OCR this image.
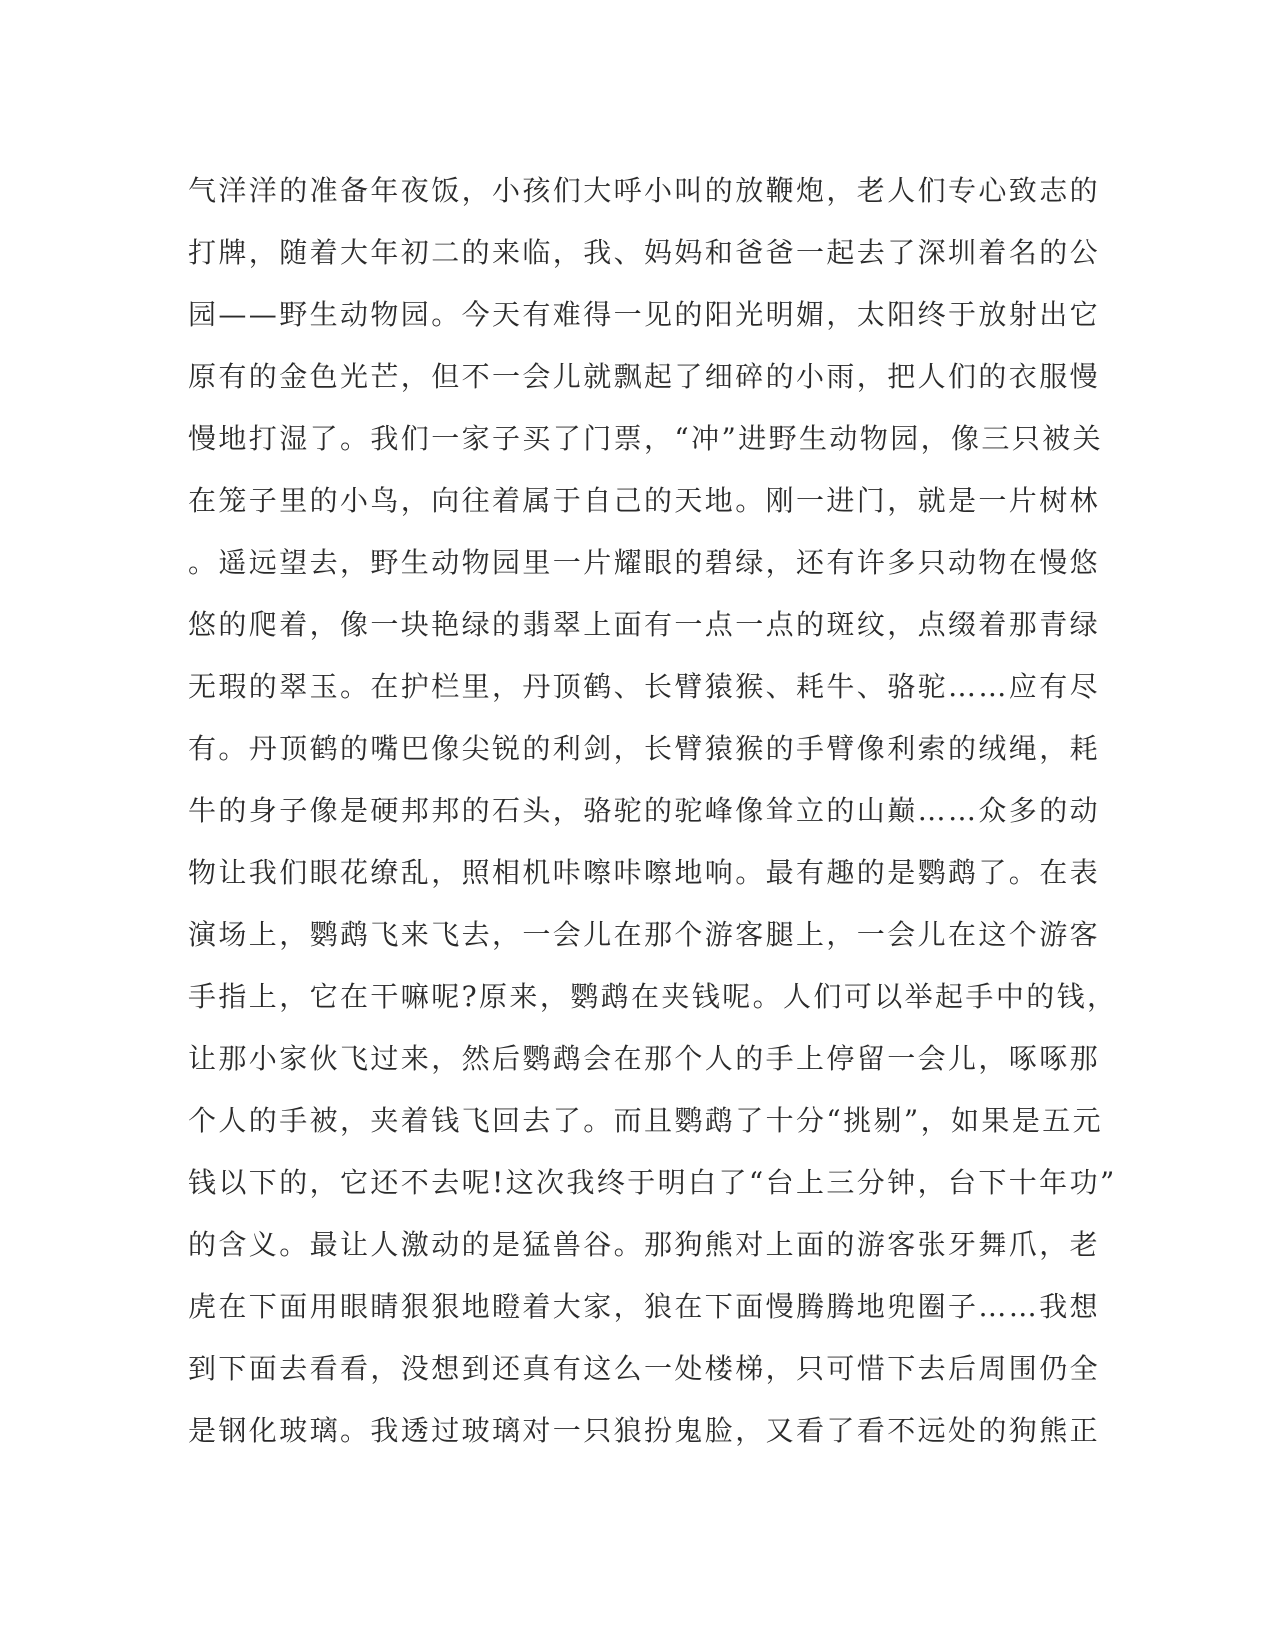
气洋洋的准备年夜饭，小孩们大呼小叫的放鞭炮，老人们专心致志的
打牌，随着大年初二的来临，我、妈妈和爸爸一起去了深圳着名的公
园——野生动物园。今天有难得一见的阳光明媚，太阳终于放射出它
原有的金色光芒，但不一会儿就飘起了细碎的小雨，把人们的衣服慢
慢地打湿了。我们一家子买了门票，“冲”进野生动物园，像三只被关
在笼子里的小鸟，向往着属于自己的天地。刚一进门，就是一片树林
。遥远望去，野生动物园里一片耀眼的碧绿，还有许多只动物在慢悠
悠的爬着，像一块艳绿的翡翠上面有一点一点的斑纹，点缀着那青绿
无瑕的翠玉。在护栏里，丹顶鹤、长臂猿猴、耗牛、骆驼……应有尽
有。丹顶鹤的嘴巴像尖锐的利剑，长臂猿猴的手臂像利索的绒绳，耗
牛的身子像是硬邦邦的石头，骆驼的驼峰像耸立的山巅……众多的动
物让我们眼花缭乱，照相机咔嚓咔嚓地响。最有趣的是鹦鹉了。在表
演场上，鹦鹉飞来飞去，一会儿在那个游客腿上，一会儿在这个游客
手指上，它在干嘛呢?原来，鹦鹉在夹钱呢。人们可以举起手中的钱，
让那小家伙飞过来，然后鹦鹉会在那个人的手上停留一会儿，啄啄那
个人的手被，夹着钱飞回去了。而且鹦鹉了十分“挑剔”，如果是五元
钱以下的，它还不去呢!这次我终于明白了“台上三分钟，台下十年功”
的含义。最让人激动的是猛兽谷。那狗熊对上面的游客张牙舞爪，老
虎在下面用眼睛狠狠地瞪着大家，狼在下面慢腾腾地兜圈子……我想
到下面去看看，没想到还真有这么一处楼梯，只可惜下去后周围仍全
是钢化玻璃。我透过玻璃对一只狼扮鬼脸，又看了看不远处的狗熊正
